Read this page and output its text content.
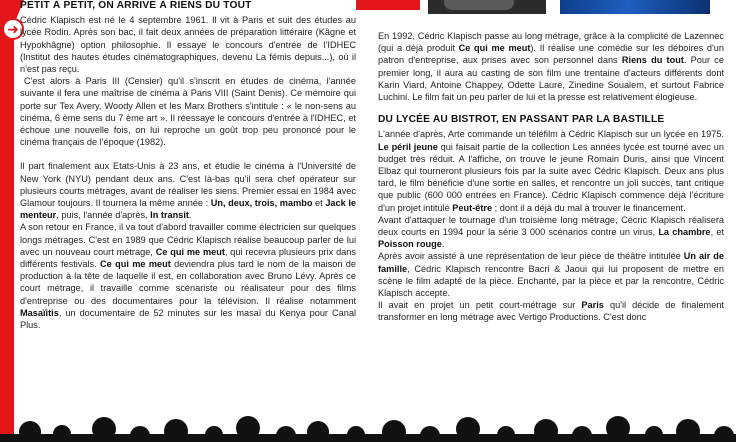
➜
PETIT À PETIT, ON ARRIVE À RIENS DU TOUT

Cédric Klapisch est né le 4 septembre 1961. Il vit à Paris et suit des études au lycée Rodin. Après son bac, il fait deux années de préparation littéraire (Kâgne et Hypokhâgne) option philosophie. Il essaye le concours d'entrée de l'IDHEC (Institut des hautes études cinématographiques, devenu La fémis depuis...), où il n'est pas reçu.

C'est alors à Paris III (Censier) qu'il s'inscrit en études de cinéma, l'année suivante il fera une maîtrise de cinéma à Paris VIII (Saint Denis). Ce mémoire qui porte sur Tex Avery, Woody Allen et les Marx Brothers s'intitule : « le non-sens au cinéma, 6 ème sens du 7 ème art ». Il réessaye le concours d'entrée à l'IDHEC, et échoue une nouvelle fois, on lui reproche un goût trop peu prononcé pour le cinéma français de l'époque (1982).

Il part finalement aux Etats-Unis à 23 ans, et étudie le cinéma à l'Université de New York (NYU) pendant deux ans. C'est là-bas qu'il sera chef opérateur sur plusieurs courts métrages, avant de réaliser les siens. Premier essai en 1984 avec Glamour toujours. Il tournera la même année : Un, deux, trois, mambo et Jack le menteur, puis, l'année d'après, In transit.

A son retour en France, il va tout d'abord travailler comme électricien sur quelques longs métrages. C'est en 1989 que Cédric Klapisch réalise beaucoup parler de lui avec un nouveau court métrage, Ce qui me meut, qui recevra plusieurs prix dans différents festivals. Ce qui me meut deviendra plus tard le nom de la maison de production à la tête de laquelle il est, en collaboration avec Bruno Lévy. Après ce court métrage, il travaille comme scénariste ou réalisateur pour des films d'entreprise ou des documentaires pour la télévision. Il réalise notamment Masaïitis, un documentaire de 52 minutes sur les masaï du Kenya pour Canal Plus.

En 1992, Cédric Klapisch passe au long métrage, grâce à la complicité de Lazennec (qui a déjà produit Ce qui me meut). Il réalise une comédie sur les déboires d'un patron d'entreprise, aux prises avec son personnel dans Riens du tout. Pour ce premier long, il aura au casting de son film une trentaine d'acteurs différents dont Karin Viard, Antoine Chappey, Odette Laure, Zinedine Soualem, et surtout Fabrice Luchini. Le film fait un peu parler de lui et la presse est relativement élogieuse.

DU LYCÉE AU BISTROT, EN PASSANT PAR LA BASTILLE

L'année d'après, Arte commande un téléfilm à Cédric Klapisch sur un lycée en 1975. Le péril jeune qui faisait partie de la collection Les années lycée est tourné avec un budget très réduit. A l'affiche, on trouve le jeune Romain Duris, ainsi que Vincent Elbaz qui tourneront plusieurs fois par la suite avec Cédric Klapisch. Deux ans plus tard, le film bénéficie d'une sortie en salles, et rencontre un joli succès, tant critique que public (600 000 entrées en France). Cédric Klapisch commence déjà l'écriture d'un projet intitulé Peut-être ; dont il a déjà du mal à trouver le financement.

Avant d'attaquer le tournage d'un troisième long métrage, Cécric Klapisch réalisera deux courts en 1994 pour la série 3 000 scénarios contre un virus, La chambre, et Poisson rouge.

Après avoir assisté à une représentation de leur pièce de théâtre intitulée Un air de famille, Cédric Klapisch rencontre Bacri & Jaoui qui lui proposent de mettre en scène le film adapté de la pièce. Enchanté, par la pièce et par la rencontre, Cédric Klapisch accepte.

Il avait en projet un petit court-métrage sur Paris qu'il décide de finalement transformer en long métrage avec Vertigo Productions. C'est donc
